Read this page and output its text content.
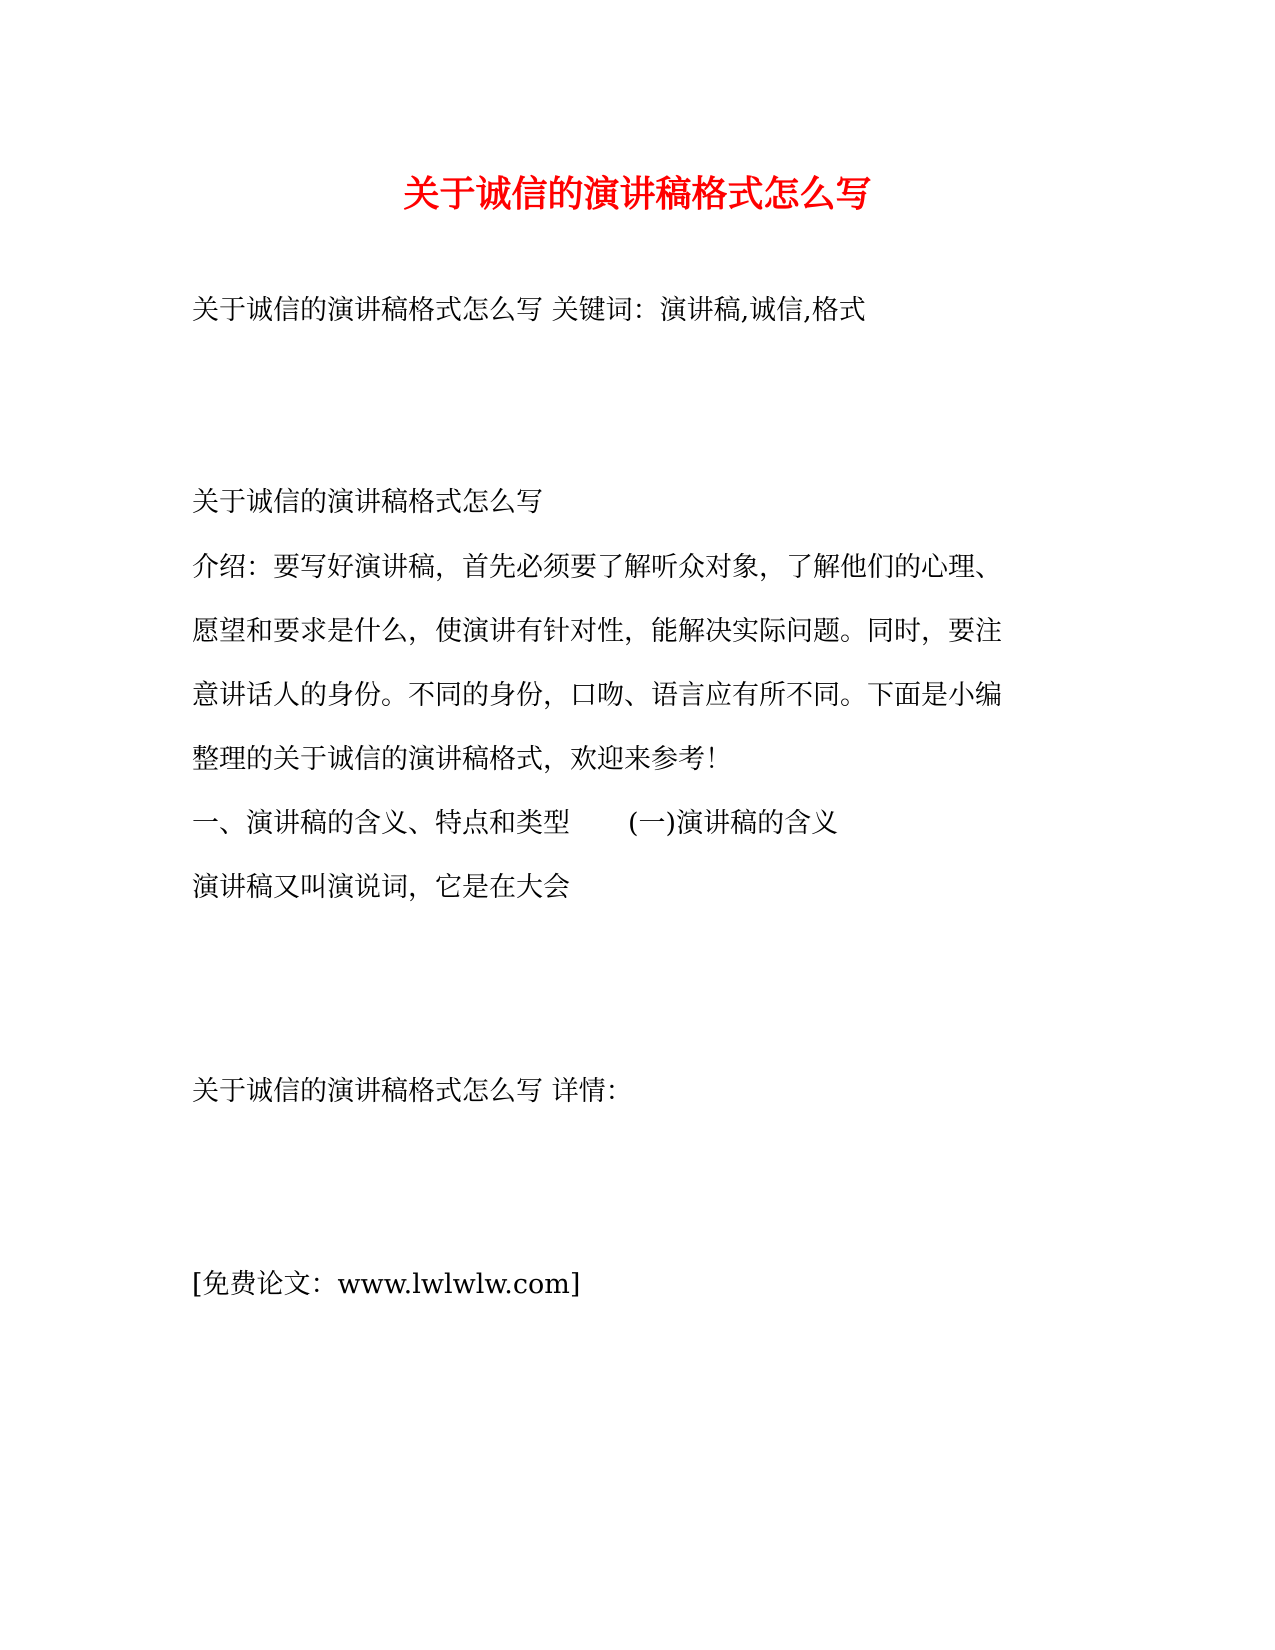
关于诚信的演讲稿格式怎么写
关于诚信的演讲稿格式怎么写 关键词：演讲稿,诚信,格式
关于诚信的演讲稿格式怎么写
介绍：要写好演讲稿，首先必须要了解听众对象，了解他们的心理、
愿望和要求是什么，使演讲有针对性，能解决实际问题。同时，要注
意讲话人的身份。不同的身份，口吻、语言应有所不同。下面是小编
整理的关于诚信的演讲稿格式，欢迎来参考！
一、演讲稿的含义、特点和类型 (一)演讲稿的含义
演讲稿又叫演说词，它是在大会
关于诚信的演讲稿格式怎么写 详情：
[免费论文：www.lwlwlw.com]
